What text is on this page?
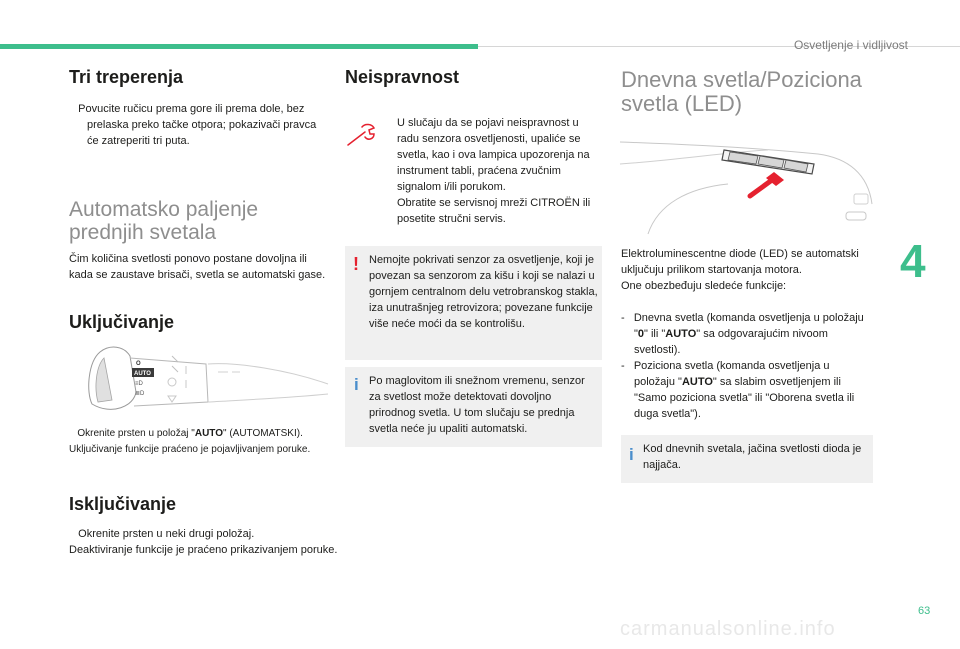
Osvetljenje i vidljivost
4
63
carmanualsonline.info
Tri treperenja
Povucite ručicu prema gore ili prema dole, bez prelaska preko tačke otpora; pokazivači pravca će zatreperiti tri puta.
Automatsko paljenje
prednjih svetala
Čim količina svetlosti ponovo postane dovoljna ili kada se zaustave brisači, svetla se automatski gase.
Uključivanje
O
AUTO
≡D
≣D
Okrenite prsten u položaj "AUTO" (AUTOMATSKI).
Uključivanje funkcije praćeno je pojavljivanjem poruke.
Isključivanje
Okrenite prsten u neki drugi položaj.
Deaktiviranje funkcije je praćeno prikazivanjem poruke.
Neispravnost
U slučaju da se pojavi neispravnost u radu senzora osvetljenosti, upaliće se svetla, kao i ova lampica upozorenja na instrument tabli, praćena zvučnim signalom i/ili porukom.
Obratite se servisnoj mreži CITROËN ili posetite stručni servis.
! Nemojte pokrivati senzor za osvetljenje, koji je povezan sa senzorom za kišu i koji se nalazi u gornjem centralnom delu vetrobranskog stakla, iza unutrašnjeg retrovizora; povezane funkcije više neće moći da se kontrolišu.
i Po maglovitom ili snežnom vremenu, senzor za svetlost može detektovati dovoljno prirodnog svetla. U tom slučaju se prednja svetla neće ju upaliti automatski.
Dnevna svetla/Poziciona
svetla (LED)
Elektroluminescentne diode (LED) se automatski uključuju prilikom startovanja motora.
One obezbeđuju sledeće funkcije:
- Dnevna svetla (komanda osvetljenja u položaju "0" ili "AUTO" sa odgovarajućim nivoom svetlosti).
- Poziciona svetla (komanda osvetljenja u položaju "AUTO" sa slabim osvetljenjem ili "Samo poziciona svetla" ili "Oborena svetla ili duga svetla").
i Kod dnevnih svetala, jačina svetlosti dioda je najjača.
